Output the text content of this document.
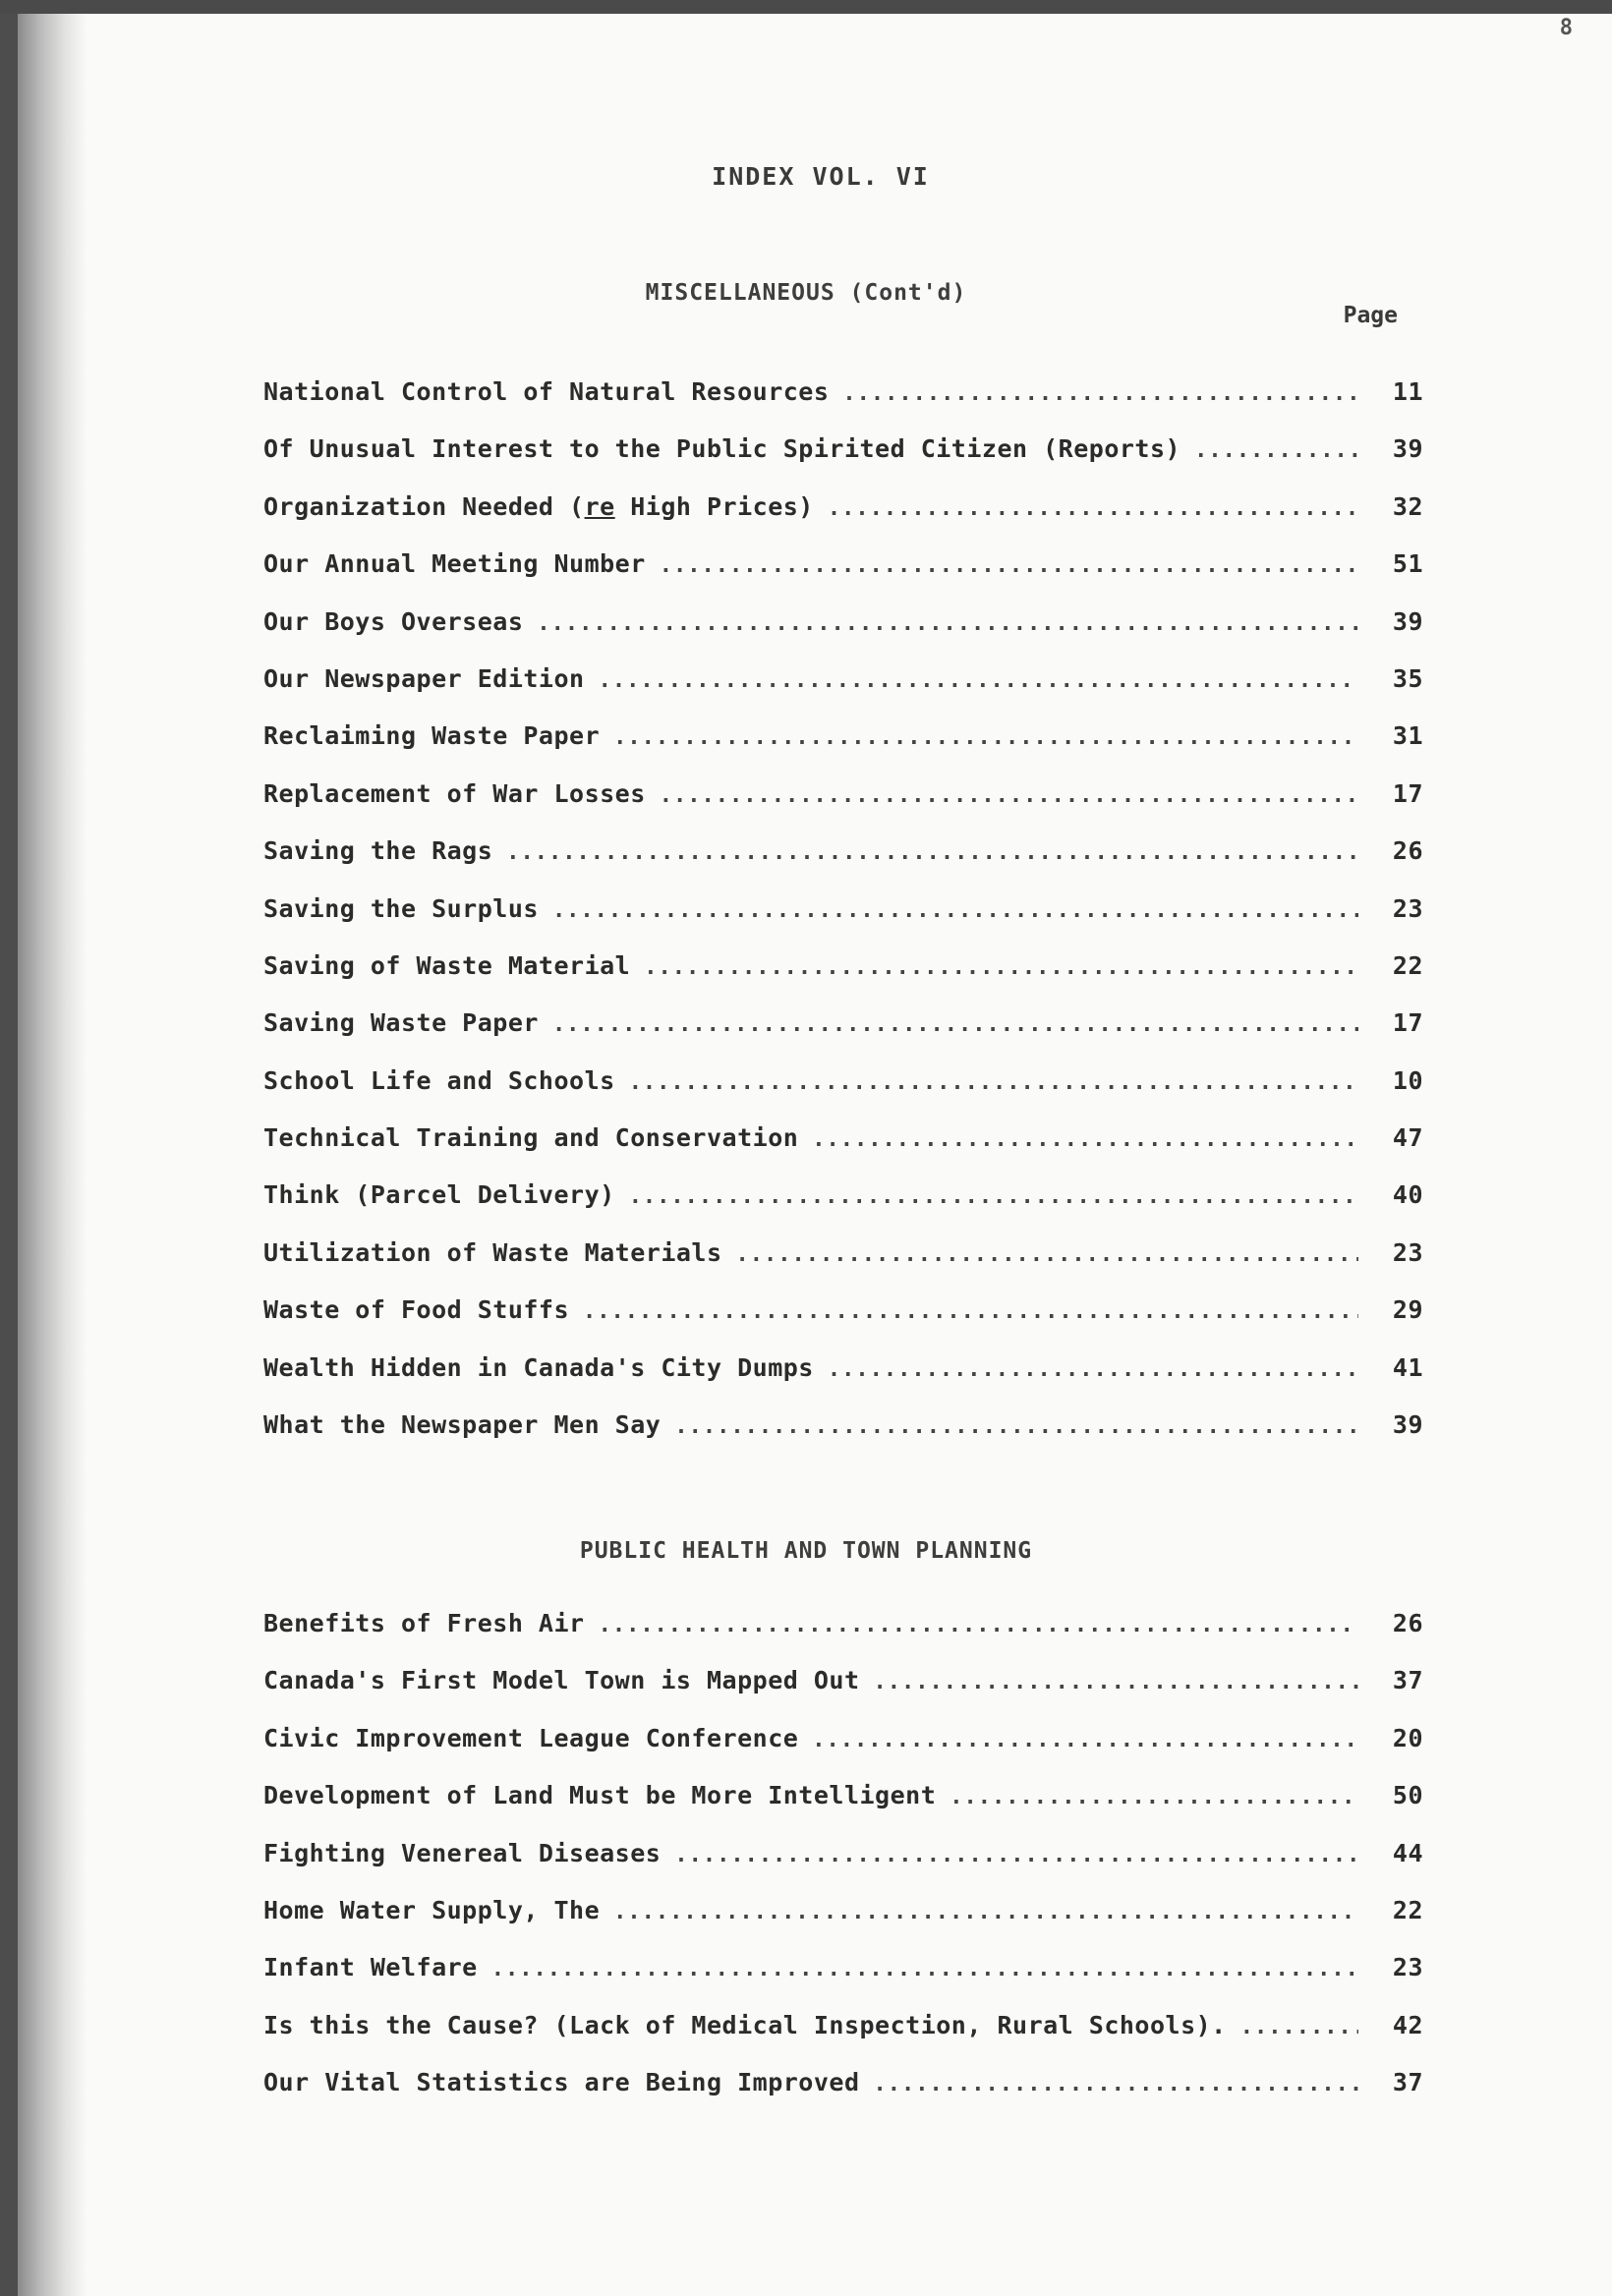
8
INDEX VOL. VI
MISCELLANEOUS (Cont'd)
Page
National Control of Natural Resources .....	11
Of Unusual Interest to the Public Spirited Citizen (Reports) .....	39
Organization Needed (re High Prices) .....	32
Our Annual Meeting Number .....	51
Our Boys Overseas .....	39
Our Newspaper Edition .....	35
Reclaiming Waste Paper .....	31
Replacement of War Losses .....	17
Saving the Rags .....	26
Saving the Surplus .....	23
Saving of Waste Material .....	22
Saving Waste Paper .....	17
School Life and Schools .....	10
Technical Training and Conservation .....	47
Think (Parcel Delivery) .....	40
Utilization of Waste Materials .....	23
Waste of Food Stuffs .....	29
Wealth Hidden in Canada's City Dumps .....	41
What the Newspaper Men Say .....	39
PUBLIC HEALTH AND TOWN PLANNING
Benefits of Fresh Air .....	26
Canada's First Model Town is Mapped Out .....	37
Civic Improvement League Conference .....	20
Development of Land Must be More Intelligent .....	50
Fighting Venereal Diseases .....	44
Home Water Supply, The .....	22
Infant Welfare .....	23
Is this the Cause? (Lack of Medical Inspection, Rural Schools). .....	42
Our Vital Statistics are Being Improved .....	37
